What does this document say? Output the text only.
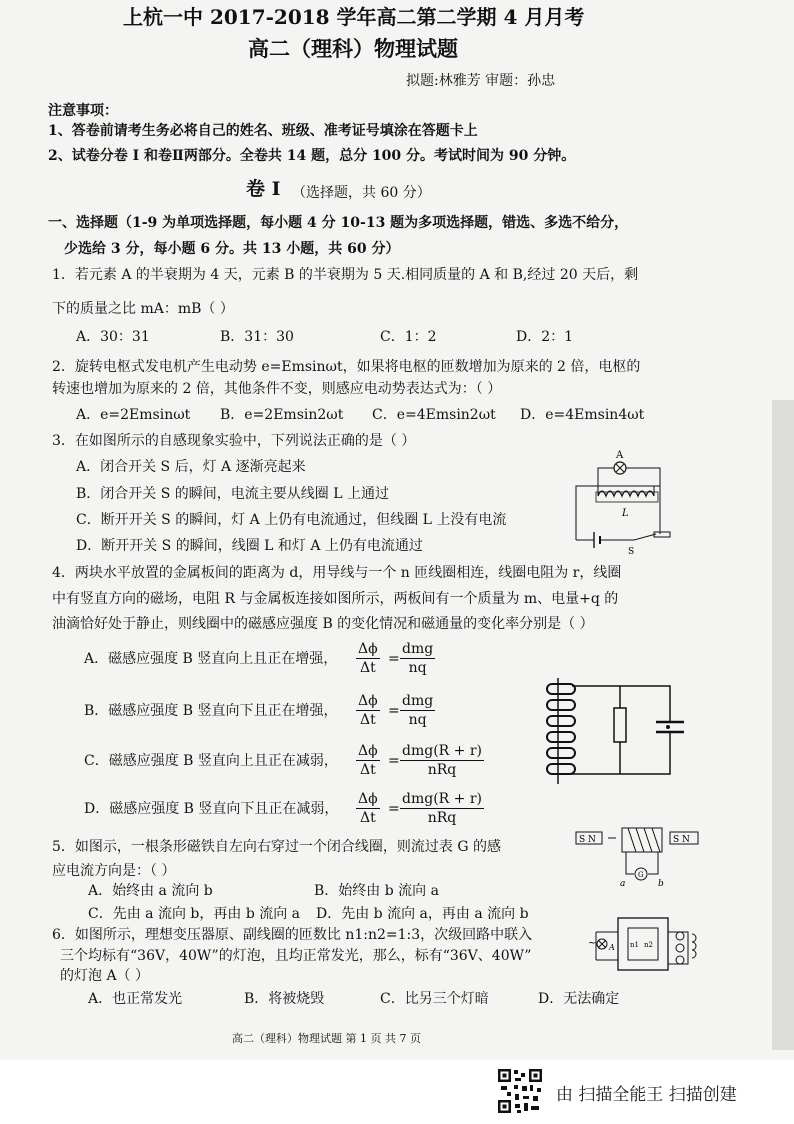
上杭一中 2017-2018 学年高二第二学期 4 月月考
高二（理科）物理试题
拟题:林雅芳 审题：孙忠
注意事项：
1、答卷前请考生务必将自己的姓名、班级、准考证号填涂在答题卡上
2、试卷分卷 I 和卷Ⅱ两部分。全卷共 14 题，总分 100 分。考试时间为 90 分钟。
卷 I （选择题，共 60 分）
一、选择题（1-9 为单项选择题，每小题 4 分 10-13 题为多项选择题，错选、多选不给分，
少选给 3 分，每小题 6 分。共 13 小题，共 60 分）
1．若元素 A 的半衰期为 4 天，元素 B 的半衰期为 5 天.相同质量的 A 和 B,经过 20 天后，剩
下的质量之比 mA：mB（ ）
A．30：31	B．31：30	C．1：2	D．2：1
2．旋转电枢式发电机产生电动势 e=Emsinωt，如果将电枢的匝数增加为原来的 2 倍，电枢的
转速也增加为原来的 2 倍，其他条件不变，则感应电动势表达式为：（ ）
A．e=2Emsinωt B．e=2Emsin2ωt C．e=4Emsin2ωt D．e=4Emsin4ωt
3．在如图所示的自感现象实验中，下列说法正确的是（ ）
A．闭合开关 S 后，灯 A 逐渐亮起来
B．闭合开关 S 的瞬间，电流主要从线圈 L 上通过
C．断开开关 S 的瞬间，灯 A 上仍有电流通过，但线圈 L 上没有电流
D．断开开关 S 的瞬间，线圈 L 和灯 A 上仍有电流通过
A
L
S
4．两块水平放置的金属板间的距离为 d，用导线与一个 n 匝线圈相连，线圈电阻为 r，线圈
中有竖直方向的磁场，电阻 R 与金属板连接如图所示，两板间有一个质量为 m、电量+q 的
油滴恰好处于静止，则线圈中的磁感应强度 B 的变化情况和磁通量的变化率分别是（ ）
A．磁感应强度 B 竖直向上且正在增强， $\frac{\Delta\phi}{\Delta t}$ =
dmg
nq
B．磁感应强度 B 竖直向下且正在增强， $\frac{\Delta\phi}{\Delta t}$ =
dmg
nq
C．磁感应强度 B 竖直向上且正在减弱， $\frac{\Delta\phi}{\Delta t}$ =
dmg(R + r)
nRq
D．磁感应强度 B 竖直向下且正在减弱， $\frac{\Delta\phi}{\Delta t}$ =
dmg(R + r)
nRq
5．如图示，一根条形磁铁自左向右穿过一个闭合线圈，则流过表 G 的感
应电流方向是：（ ）
A．始终由 a 流向 b	B．始终由 b 流向 a
C．先由 a 流向 b，再由 b 流向 a D．先由 b 流向 a，再由 a 流向 b
S N	S N
G
a	b
6．如图所示，理想变压器原、副线圈的匝数比 n1:n2=1:3，次级回路中联入
三个均标有“36V，40W”的灯泡，且均正常发光，那么，标有“36V、40W”
的灯泡 A（ ）
A．也正常发光	B．将被烧毁	C．比另三个灯暗	D．无法确定
~ A n1 n2
高二（理科）物理试题 第 1 页 共 7 页
由 扫描全能王 扫描创建
